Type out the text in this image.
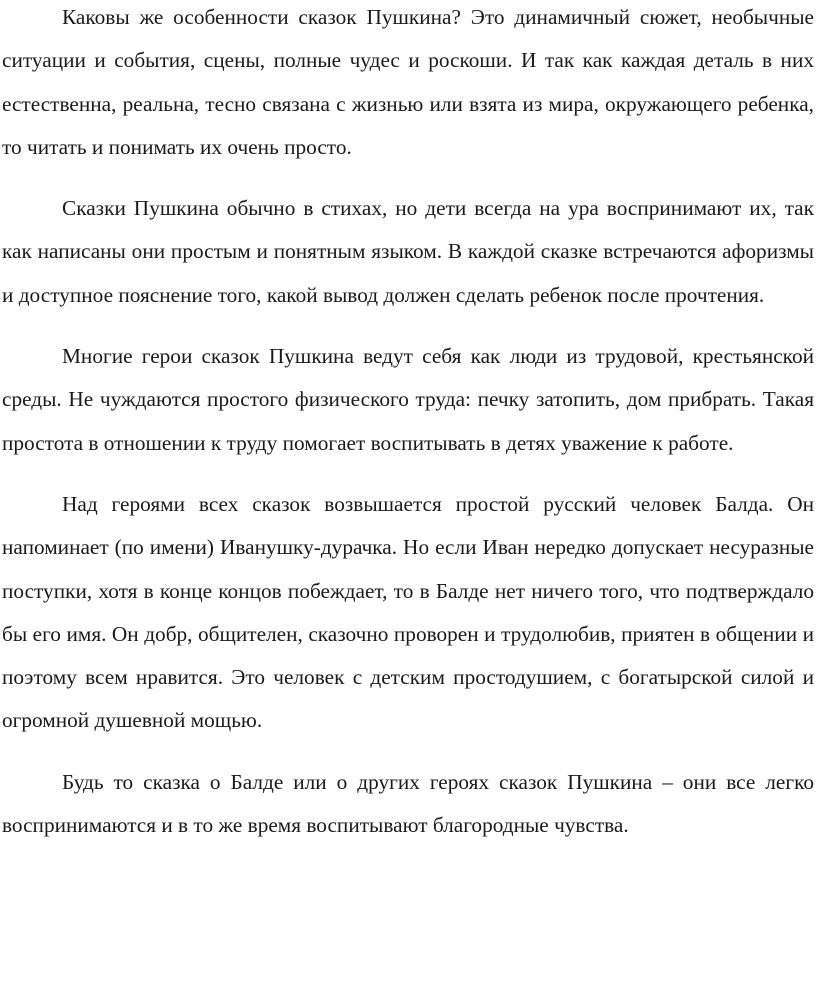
Каковы же особенности сказок Пушкина? Это динамичный сюжет, необычные ситуации и события, сцены, полные чудес и роскоши. И так как каждая деталь в них естественна, реальна, тесно связана с жизнью или взята из мира, окружающего ребенка, то читать и понимать их очень просто.

Сказки Пушкина обычно в стихах, но дети всегда на ура воспринимают их, так как написаны они простым и понятным языком. В каждой сказке встречаются афоризмы и доступное пояснение того, какой вывод должен сделать ребенок после прочтения.

Многие герои сказок Пушкина ведут себя как люди из трудовой, крестьянской среды. Не чуждаются простого физического труда: печку затопить, дом прибрать. Такая простота в отношении к труду помогает воспитывать в детях уважение к работе.

Над героями всех сказок возвышается простой русский человек Балда. Он напоминает (по имени) Иванушку-дурачка. Но если Иван нередко допускает несуразные поступки, хотя в конце концов побеждает, то в Балде нет ничего того, что подтверждало бы его имя. Он добр, общителен, сказочно проворен и трудолюбив, приятен в общении и поэтому всем нравится. Это человек с детским простодушием, с богатырской силой и огромной душевной мощью.

Будь то сказка о Балде или о других героях сказок Пушкина – они все легко воспринимаются и в то же время воспитывают благородные чувства.
